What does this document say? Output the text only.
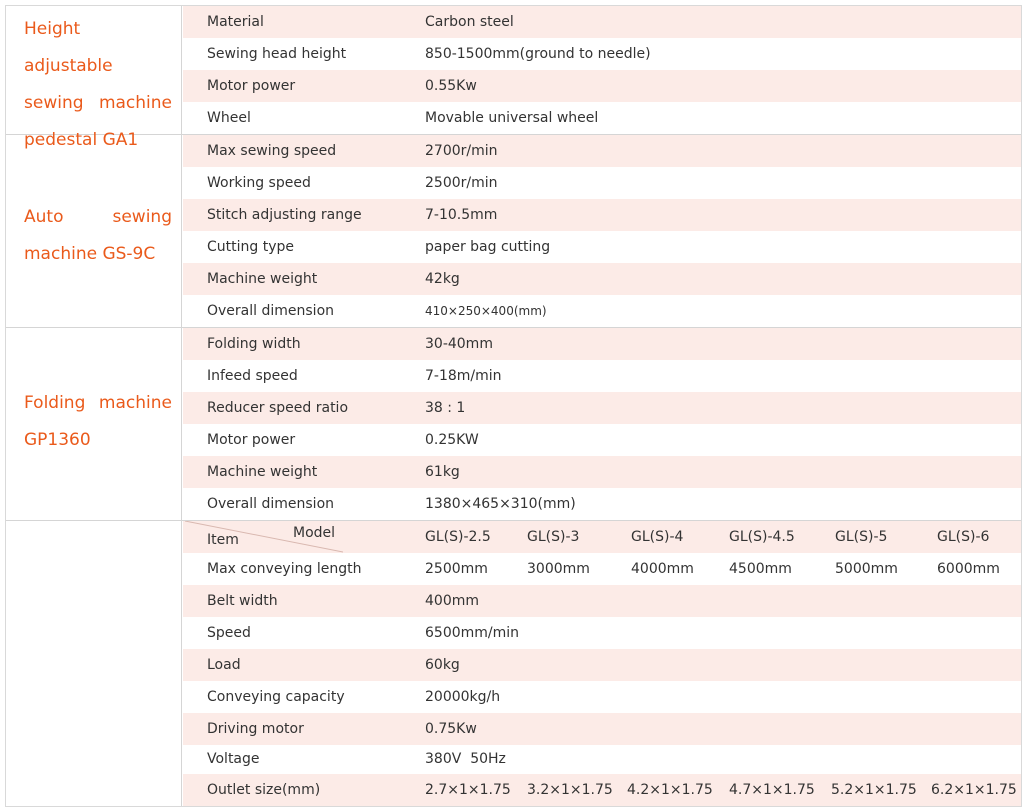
Height adjustable sewing machine pedestal GA1
Material	Carbon steel
Sewing head height	850-1500mm(ground to needle)
Motor power	0.55Kw
Wheel	Movable universal wheel
Auto sewing machine GS-9C
Max sewing speed	2700r/min
Working speed	2500r/min
Stitch adjusting range	7-10.5mm
Cutting type	paper bag cutting
Machine weight	42kg
Overall dimension	410×250×400(mm)
Folding machine GP1360
Folding width	30-40mm
Infeed speed	7-18m/min
Reducer speed ratio	38 : 1
Motor power	0.25KW
Machine weight	61kg
Overall dimension	1380×465×310(mm)
Item	Model	GL(S)-2.5	GL(S)-3	GL(S)-4	GL(S)-4.5	GL(S)-5	GL(S)-6
Max conveying length	2500mm	3000mm	4000mm	4500mm	5000mm	6000mm
Belt width	400mm
Speed	6500mm/min
Load	60kg
Conveying capacity	20000kg/h
Driving motor	0.75Kw
Voltage	380V  50Hz
Outlet size(mm)	2.7×1×1.75 3.2×1×1.75 4.2×1×1.75 4.7×1×1.75 5.2×1×1.75 6.2×1×1.75
